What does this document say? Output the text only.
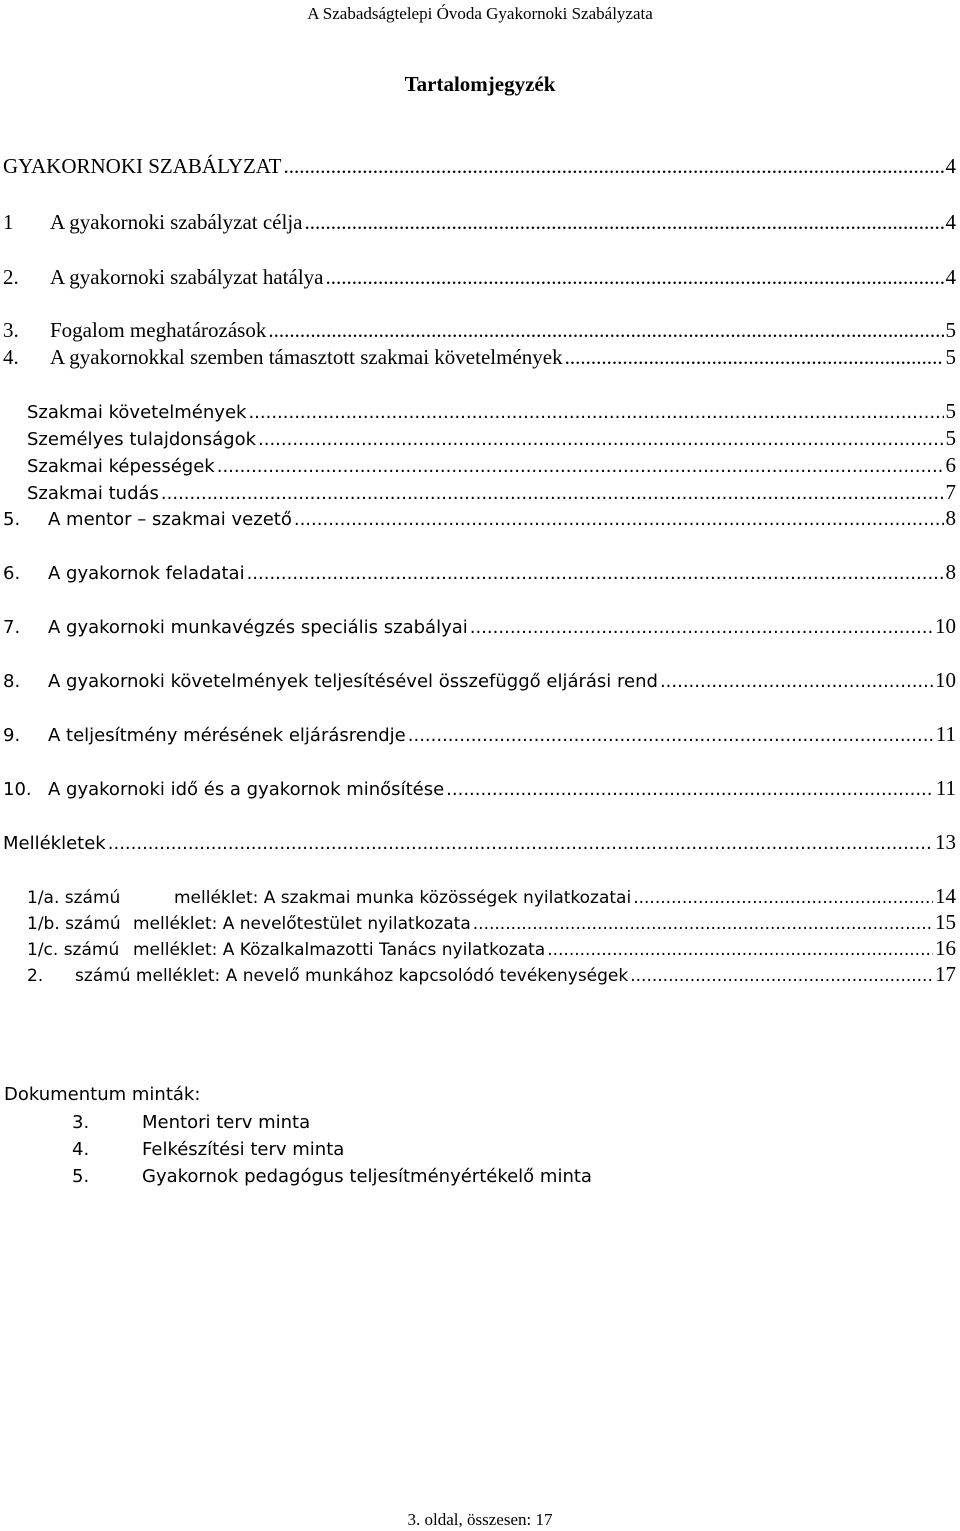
A Szabadságtelepi Óvoda Gyakornoki Szabályzata
Tartalomjegyzék
GYAKORNOKI SZABÁLYZAT .....	4
1	A gyakornoki szabályzat célja .....	4
2.	A gyakornoki szabályzat hatálya .....	4
3.	Fogalom meghatározások .....	5
4.	A gyakornokkal szemben támasztott szakmai követelmények .....	5
Szakmai követelmények .....	5
Személyes tulajdonságok .....	5
Szakmai képességek .....	6
Szakmai tudás .....	7
5.	A mentor – szakmai vezető .....	8
6.	A gyakornok feladatai .....	8
7.	A gyakornoki munkavégzés speciális szabályai .....	10
8.	A gyakornoki követelmények teljesítésével összefüggő eljárási rend .....	10
9.	A teljesítmény mérésének eljárásrendje .....	11
10. A gyakornoki idő és a gyakornok minősítése .....	11
Mellékletek .....	13
1/a. számú	melléklet: A szakmai munka közösségek nyilatkozatai .....	14
1/b. számú melléklet: A nevelőtestület nyilatkozata .....	15
1/c. számú melléklet: A Közalkalmazotti Tanács nyilatkozata .....	16
2.	számú melléklet: A nevelő munkához kapcsolódó tevékenységek .....	17
Dokumentum minták:
3.	Mentori terv minta
4.	Felkészítési terv minta
5.	Gyakornok pedagógus teljesítményértékelő minta
3. oldal, összesen: 17
